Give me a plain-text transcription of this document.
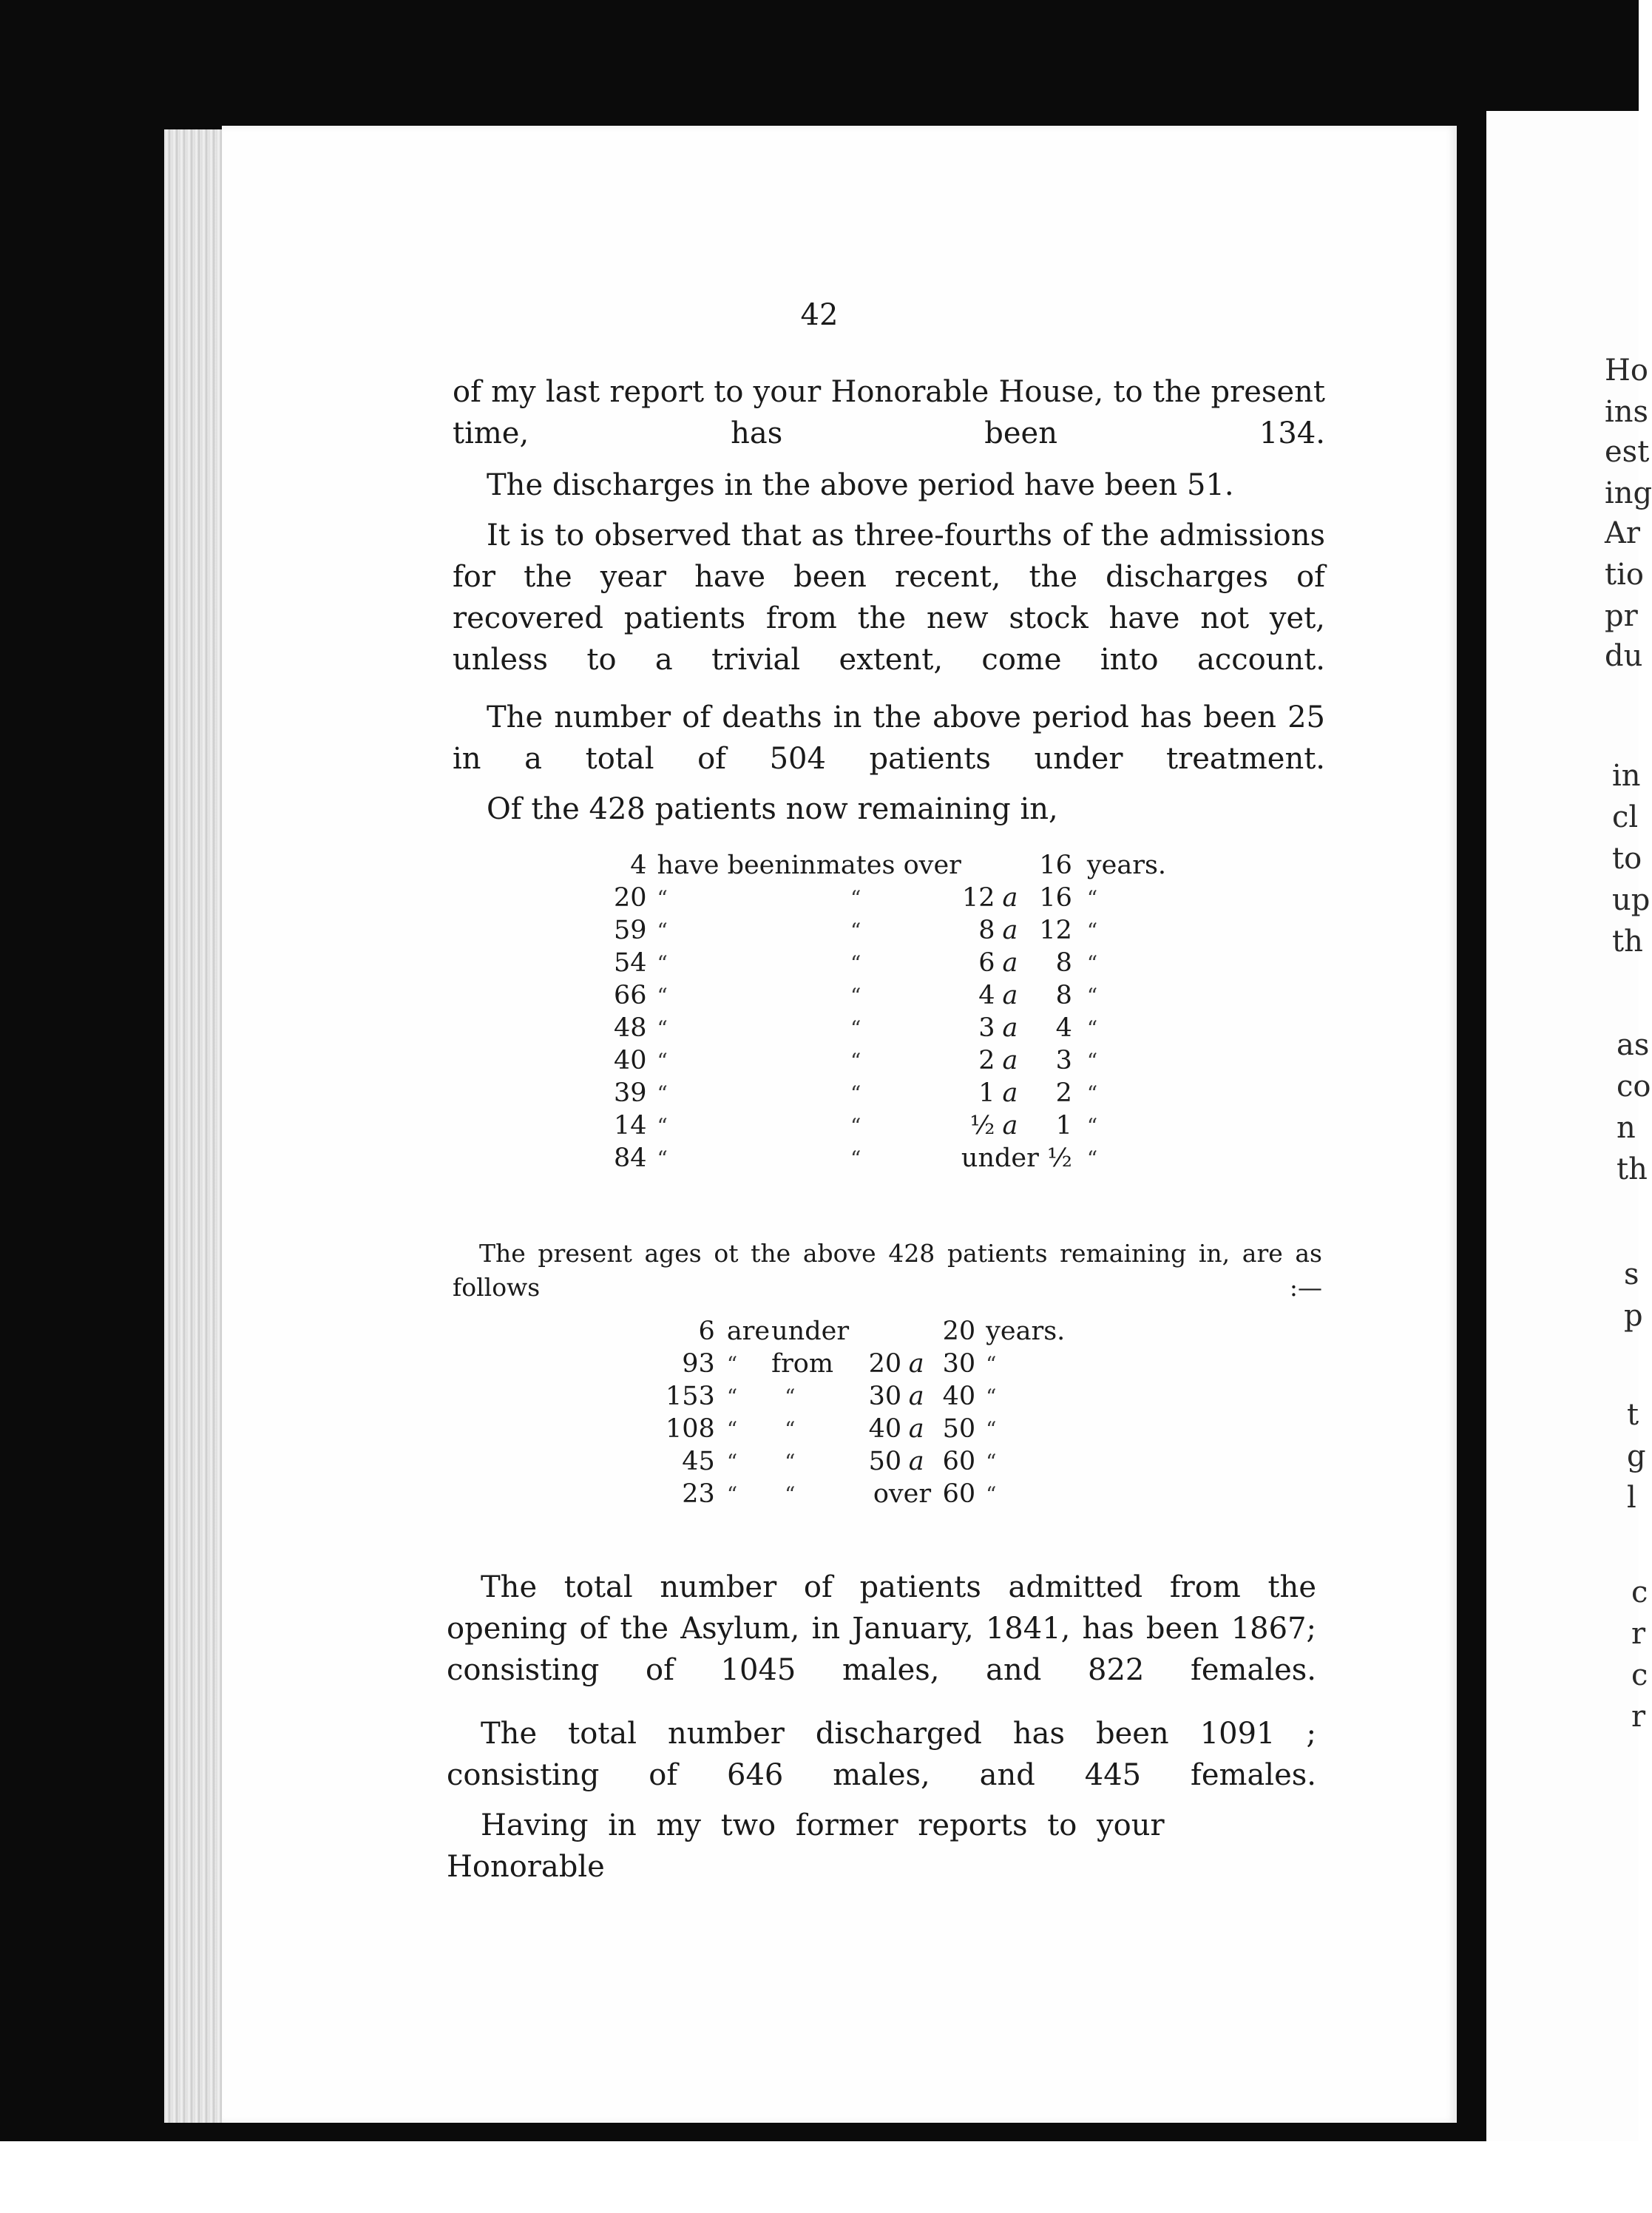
Ho
ins
est
ing
Ar
tio
pr
du
in
cl
to
up
th
as
co
n
th
s
p
t
g
l
c
r
c
r
42
of my last report to your Honorable House, to the present time, has been 134.
The discharges in the above period have been 51.
It is to observed that as three-fourths of the admissions for the year have been recent, the discharges of recovered patients from the new stock have not yet, unless to a trivial extent, come into account.
The number of deaths in the above period has been 25 in a total of 504 patients under treatment.
Of the 428 patients now remaining in,
4	have been	inmates over			16	years.
20	“	“	12	a	16	“
59	“	“	8	a	12	“
54	“	“	6	a	8	“
66	“	“	4	a	8	“
48	“	“	3	a	4	“
40	“	“	2	a	3	“
39	“	“	1	a	2	“
14	“	“	½	a	1	“
84	“	“	under ½			“
The present ages ot the above 428 patients remaining in, are as follows :—
6	are	under			20	years.
93	“	from	20	a	30	“
153	“	“	30	a	40	“
108	“	“	40	a	50	“
45	“	“	50	a	60	“
23	“	“	over		60	“
The total number of patients admitted from the opening of the Asylum, in January, 1841, has been 1867; consisting of 1045 males, and 822 females.
The total number discharged has been 1091 ; consisting of 646 males, and 445 females.
Having in my two former reports to your Honorable
